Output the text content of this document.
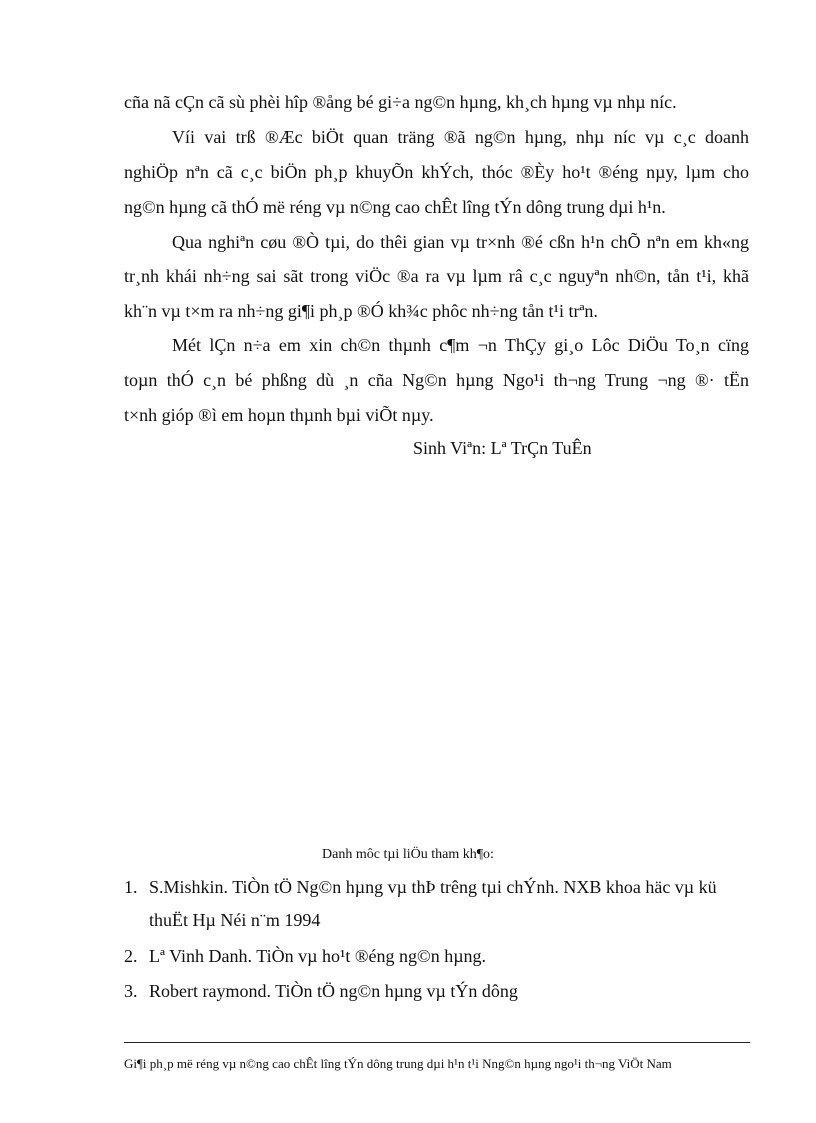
cña nã cÇn cã sù phèi hîp ®ång bé gi÷a ng©n hµng, kh¸ch hµng vµ nhµ níc.
Víi vai trß ®Æc biÖt quan träng ®ã ng©n hµng, nhµ níc vµ c¸c doanh
nghiÖp nªn cã c¸c biÖn ph¸p khuyÕn khÝch, thóc ®Èy ho¹t ®éng nµy, lµm cho
ng©n hµng cã thÓ më réng vµ n©ng cao chÊt lîng tÝn dông trung dµi h¹n.
Qua nghiªn cøu ®Ò tµi, do thêi gian vµ tr×nh ®é cßn h¹n chÕ nªn em kh«ng
tr¸nh khái nh÷ng sai sãt trong viÖc ®a ra vµ lµm râ c¸c nguyªn nh©n, tån t¹i, khã
kh¨n vµ t×m ra nh÷ng gi¶i ph¸p ®Ó kh¾c phôc nh÷ng tån t¹i trªn.
Mét lÇn n÷a em xin ch©n thµnh c¶m ¬n ThÇy gi¸o Lôc DiÖu To¸n cïng
toµn thÓ c¸n bé phßng dù ¸n cña Ng©n hµng Ngo¹i th¬ng Trung ¬ng ®· tËn
t×nh gióp ®ì em hoµn thµnh bµi viÕt nµy.
Sinh Viªn: Lª TrÇn TuÊn
Danh môc tµi liÖu tham kh¶o:
1. S.Mishkin. TiÒn tÖ Ng©n hµng vµ thÞ trêng tµi chÝnh. NXB khoa häc vµ kü
thuËt Hµ Néi n¨m 1994
2. Lª Vinh Danh. TiÒn vµ ho¹t ®éng ng©n hµng.
3. Robert raymond. TiÒn tÖ ng©n hµng vµ tÝn dông
Gi¶i ph¸p më réng vµ n©ng cao chÊt lîng tÝn dông trung dµi h¹n t¹i Nng©n hµng ngo¹i th¬ng ViÖt Nam
